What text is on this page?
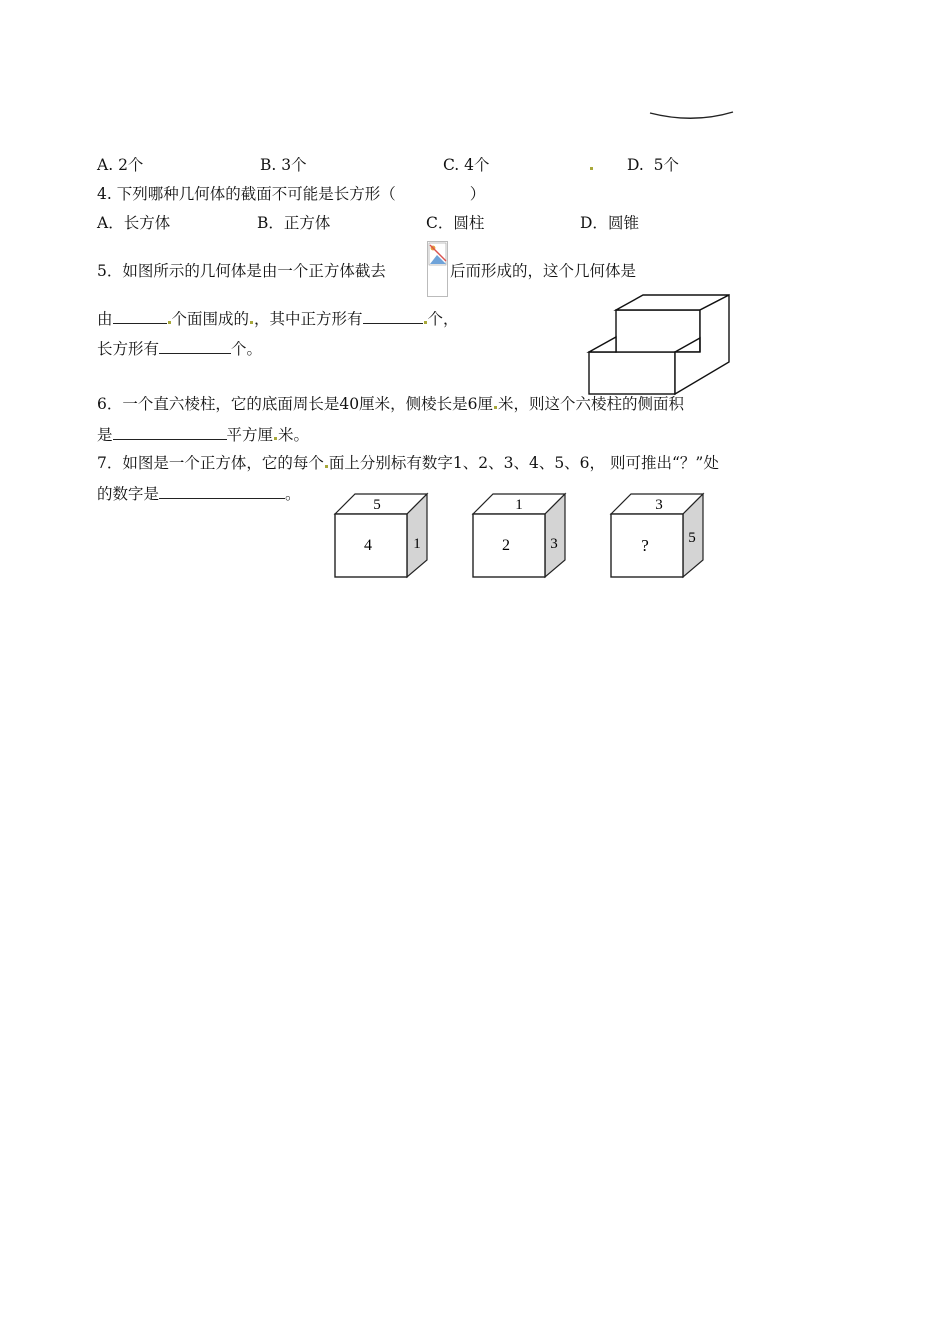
A. 2个	B. 3个	C. 4个	D. 5个
4. 下列哪种几何体的截面不可能是长方形（	）
A．长方体	B．正方体	C．圆柱	D．圆锥
5．如图所示的几何体是由一个正方体截去	后而形成的，这个几何体是
由	个面围成的 ，其中正方形有	个，
长方形有	个。
6．一个直六棱柱，它的底面周长是40厘米，侧棱长是6厘 米，则这个六棱柱的侧面积
是	平方厘 米。
7．如图是一个正方体，它的每个 面上分别标有数字1、2、3、4、5、6， 则可推出“？”处
的数字是	。
5
4	1
1
2	3
3
?	5
